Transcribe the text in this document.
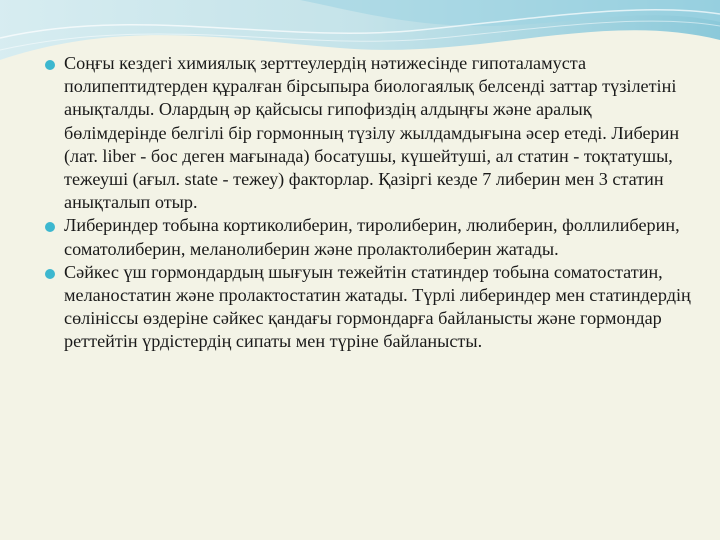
Соңғы кездегі химиялық зерттеулердің нәтижесінде гипоталамуста полипептидтерден құралған бірсыпыра биологаялық белсенді заттар түзілетіні анықталды. Олардың әр қайсысы гипофиздің алдыңғы және аралық бөлімдерінде белгілі бір гормонның түзілу жылдамдығына әсер етеді. Либерин (лат. liber - бос деген мағынада) босатушы, күшейтуші, ал статин - тоқтатушы, тежеуші (ағыл. state - тежеу) факторлар. Қазіргі кезде 7 либерин мен 3 статин анықталып отыр.

Либериндер тобына кортиколиберин, тиролиберин, люлиберин, фоллилиберин, соматолиберин, меланолиберин және пролактолиберин жатады.

Сәйкес үш гормондардың шығуын тежейтін статиндер тобына соматостатин, меланостатин және пролактостатин жатады. Түрлі либериндер мен статиндердің сөлініссы өздеріне сәйкес қандағы гормондарға байланысты және гормондар реттейтін үрдістердің сипаты мен түріне байланысты.
